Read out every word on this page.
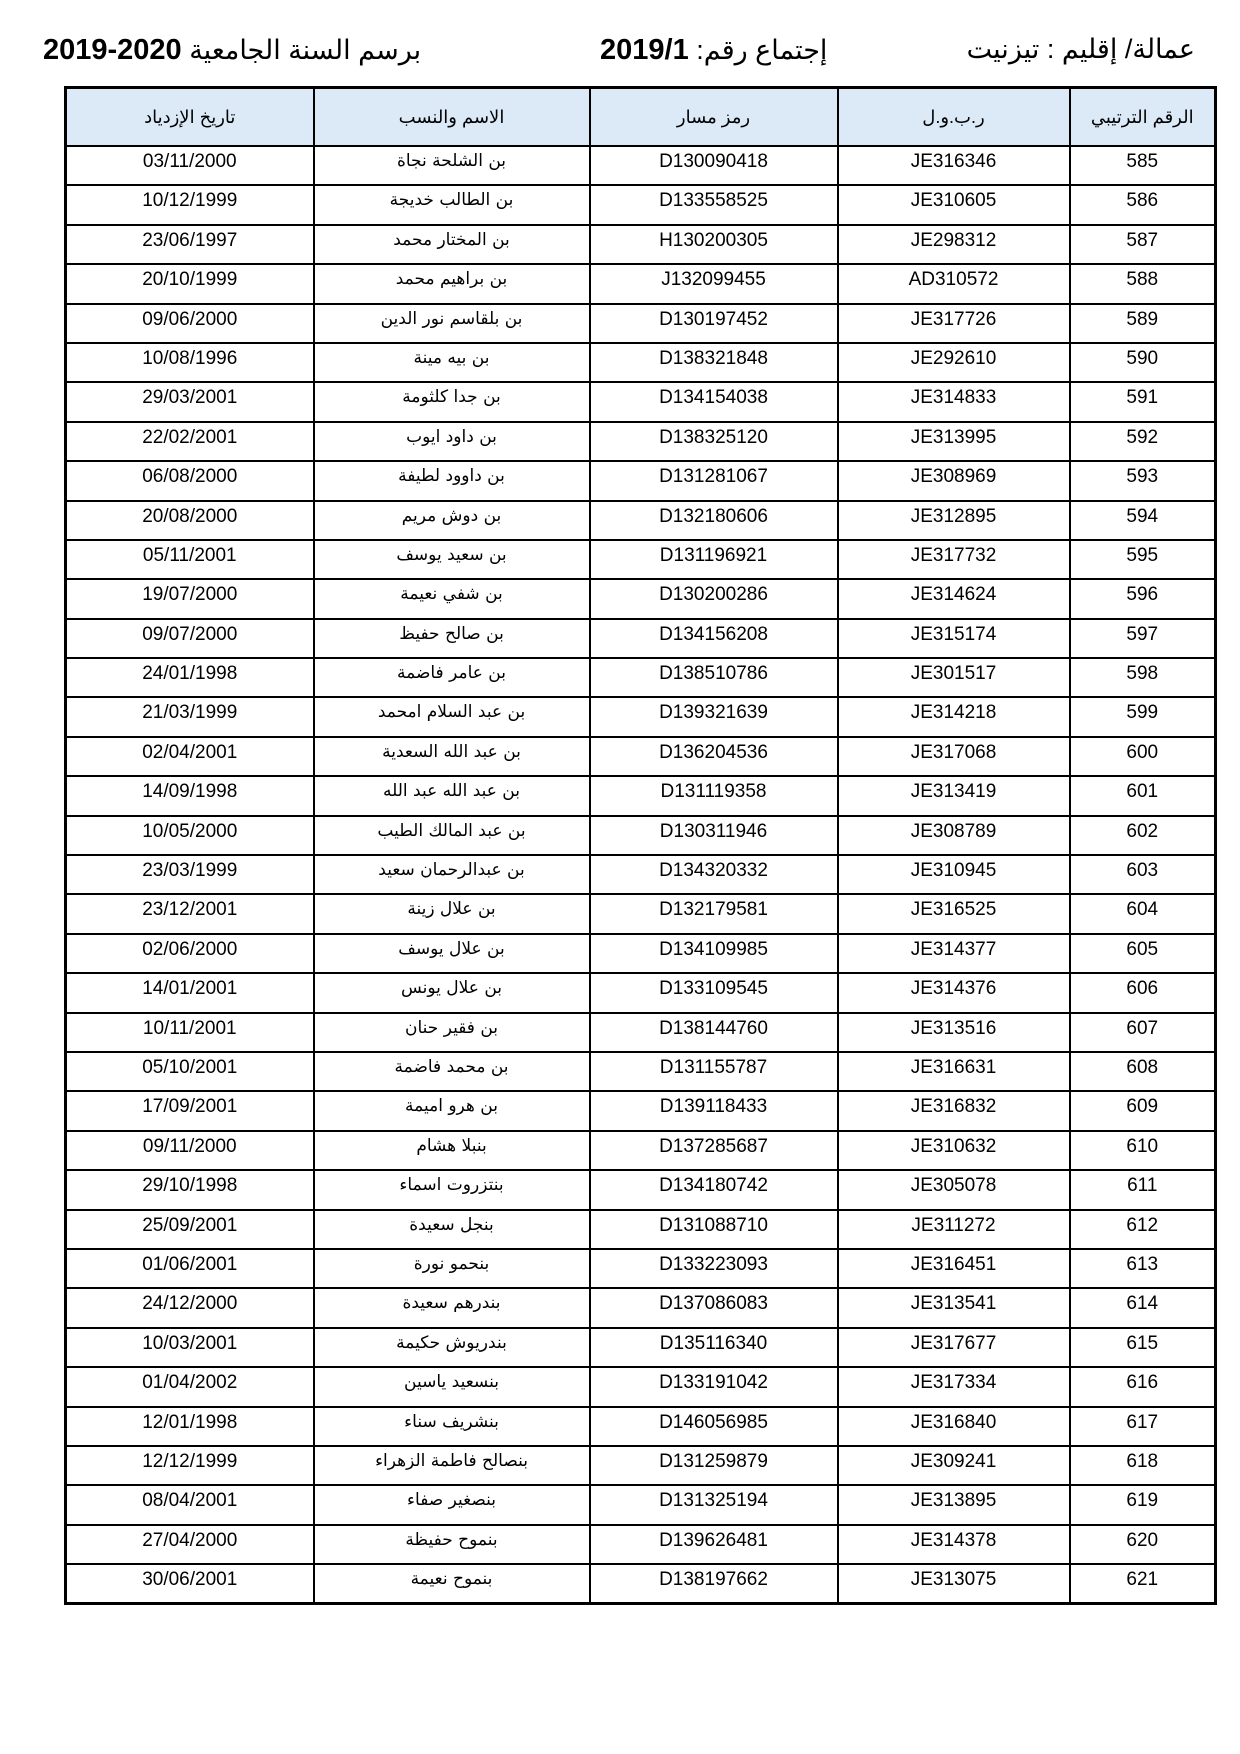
عمالة/ إقليم : تيزنيت
إجتماع رقم: 2019/1
برسم السنة الجامعية 2019-2020
الرقم الترتيبي	ر.ب.و.ل	رمز مسار	الاسم والنسب	تاريخ الإزدياد
585	JE316346	D130090418	بن الشلحة نجاة	03/11/2000
586	JE310605	D133558525	بن الطالب خديجة	10/12/1999
587	JE298312	H130200305	بن المختار محمد	23/06/1997
588	AD310572	J132099455	بن براهيم محمد	20/10/1999
589	JE317726	D130197452	بن بلقاسم نور الدين	09/06/2000
590	JE292610	D138321848	بن بيه مينة	10/08/1996
591	JE314833	D134154038	بن جدا كلثومة	29/03/2001
592	JE313995	D138325120	بن داود ايوب	22/02/2001
593	JE308969	D131281067	بن داوود لطيفة	06/08/2000
594	JE312895	D132180606	بن دوش مريم	20/08/2000
595	JE317732	D131196921	بن سعيد يوسف	05/11/2001
596	JE314624	D130200286	بن شفي نعيمة	19/07/2000
597	JE315174	D134156208	بن صالح حفيظ	09/07/2000
598	JE301517	D138510786	بن عامر فاضمة	24/01/1998
599	JE314218	D139321639	بن عبد السلام امحمد	21/03/1999
600	JE317068	D136204536	بن عبد الله السعدية	02/04/2001
601	JE313419	D131119358	بن عبد الله عبد الله	14/09/1998
602	JE308789	D130311946	بن عبد المالك الطيب	10/05/2000
603	JE310945	D134320332	بن عبدالرحمان سعيد	23/03/1999
604	JE316525	D132179581	بن علال زينة	23/12/2001
605	JE314377	D134109985	بن علال يوسف	02/06/2000
606	JE314376	D133109545	بن علال يونس	14/01/2001
607	JE313516	D138144760	بن فقير حنان	10/11/2001
608	JE316631	D131155787	بن محمد فاضمة	05/10/2001
609	JE316832	D139118433	بن هرو اميمة	17/09/2001
610	JE310632	D137285687	بنبلا هشام	09/11/2000
611	JE305078	D134180742	بنتزروت اسماء	29/10/1998
612	JE311272	D131088710	بنجل سعيدة	25/09/2001
613	JE316451	D133223093	بنحمو نورة	01/06/2001
614	JE313541	D137086083	بندرهم سعيدة	24/12/2000
615	JE317677	D135116340	بندريوش حكيمة	10/03/2001
616	JE317334	D133191042	بنسعيد ياسين	01/04/2002
617	JE316840	D146056985	بنشريف سناء	12/01/1998
618	JE309241	D131259879	بنصالح فاطمة الزهراء	12/12/1999
619	JE313895	D131325194	بنصغير صفاء	08/04/2001
620	JE314378	D139626481	بنموح حفيظة	27/04/2000
621	JE313075	D138197662	بنموح نعيمة	30/06/2001
